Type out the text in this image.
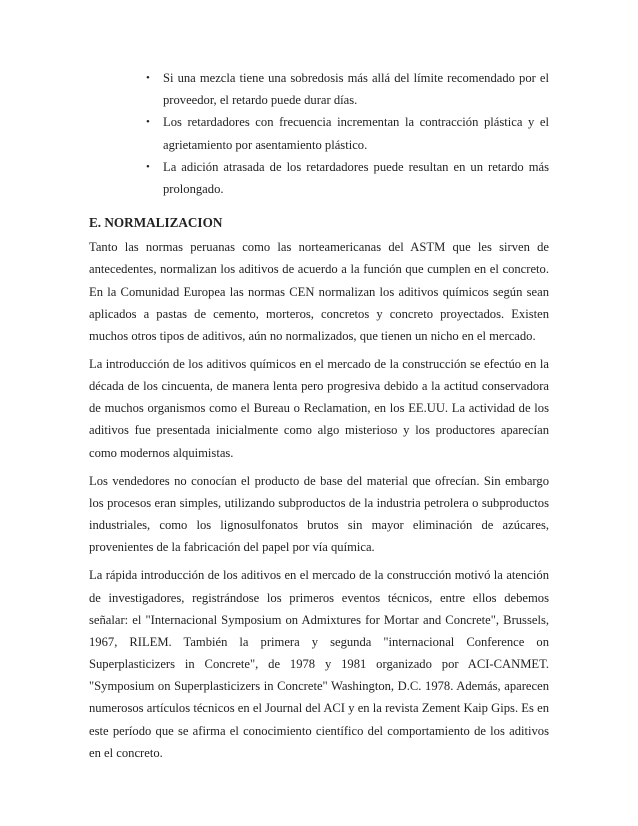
• Si una mezcla tiene una sobredosis más allá del límite recomendado por el proveedor, el retardo puede durar días.
• Los retardadores con frecuencia incrementan la contracción plástica y el agrietamiento por asentamiento plástico.
• La adición atrasada de los retardadores puede resultan en un retardo más prolongado.
E. NORMALIZACION

Tanto las normas peruanas como las norteamericanas del ASTM que les sirven de antecedentes, normalizan los aditivos de acuerdo a la función que cumplen en el concreto. En la Comunidad Europea las normas CEN normalizan los aditivos químicos según sean aplicados a pastas de cemento, morteros, concretos y concreto proyectados. Existen muchos otros tipos de aditivos, aún no normalizados, que tienen un nicho en el mercado.

La introducción de los aditivos químicos en el mercado de la construcción se efectúo en la década de los cincuenta, de manera lenta pero progresiva debido a la actitud conservadora de muchos organismos como el Bureau o Reclamation, en los EE.UU. La actividad de los aditivos fue presentada inicialmente como algo misterioso y los productores aparecían como modernos alquimistas.

Los vendedores no conocían el producto de base del material que ofrecían. Sin embargo los procesos eran simples, utilizando subproductos de la industria petrolera o subproductos industriales, como los lignosulfonatos brutos sin mayor eliminación de azúcares, provenientes de la fabricación del papel por vía química.

La rápida introducción de los aditivos en el mercado de la construcción motivó la atención de investigadores, registrándose los primeros eventos técnicos, entre ellos debemos señalar: el "Internacional Symposium on Admixtures for Mortar and Concrete", Brussels, 1967, RILEM. También la primera y segunda "internacional Conference on Superplasticizers in Concrete", de 1978 y 1981 organizado por ACI-CANMET. "Symposium on Superplasticizers in Concrete" Washington, D.C. 1978. Además, aparecen numerosos artículos técnicos en el Journal del ACI y en la revista Zement Kaip Gips. Es en este período que se afirma el conocimiento científico del comportamiento de los aditivos en el concreto.
